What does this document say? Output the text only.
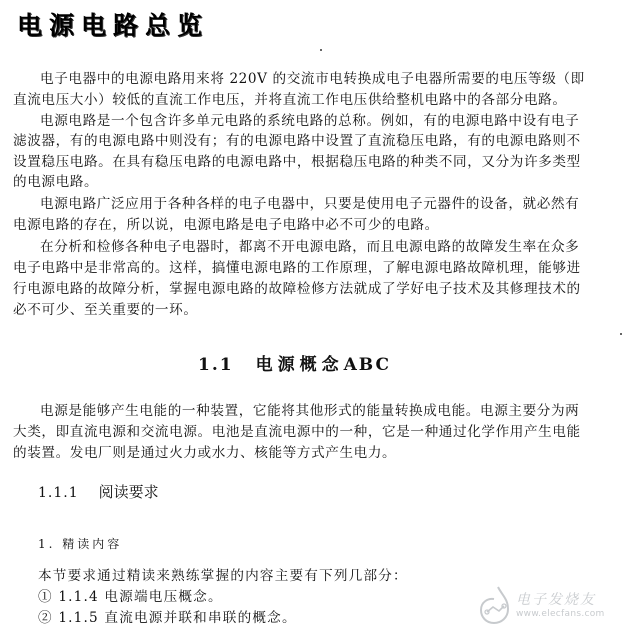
电源电路总览
电子电器中的电源电路用来将 220V 的交流市电转换成电子电器所需要的电压等级（即
直流电压大小）较低的直流工作电压，并将直流工作电压供给整机电路中的各部分电路。
电源电路是一个包含许多单元电路的系统电路的总称。例如，有的电源电路中设有电子
滤波器，有的电源电路中则没有；有的电源电路中设置了直流稳压电路，有的电源电路则不
设置稳压电路。在具有稳压电路的电源电路中，根据稳压电路的种类不同，又分为许多类型
的电源电路。
电源电路广泛应用于各种各样的电子电器中，只要是使用电子元器件的设备，就必然有
电源电路的存在，所以说，电源电路是电子电路中必不可少的电路。
在分析和检修各种电子电器时，都离不开电源电路，而且电源电路的故障发生率在众多
电子电路中是非常高的。这样，搞懂电源电路的工作原理，了解电源电路故障机理，能够进
行电源电路的故障分析，掌握电源电路的故障检修方法就成了学好电子技术及其修理技术的
必不可少、至关重要的一环。
1.1 电源概念ABC
电源是能够产生电能的一种装置，它能将其他形式的能量转换成电能。电源主要分为两
大类，即直流电源和交流电源。电池是直流电源中的一种，它是一种通过化学作用产生电能
的装置。发电厂则是通过火力或水力、核能等方式产生电力。
1.1.1 阅读要求
1. 精读内容
本节要求通过精读来熟练掌握的内容主要有下列几部分：
① 1.1.4 电源端电压概念。
② 1.1.5 直流电源并联和串联的概念。
电子发烧友
www.elecfans.com
